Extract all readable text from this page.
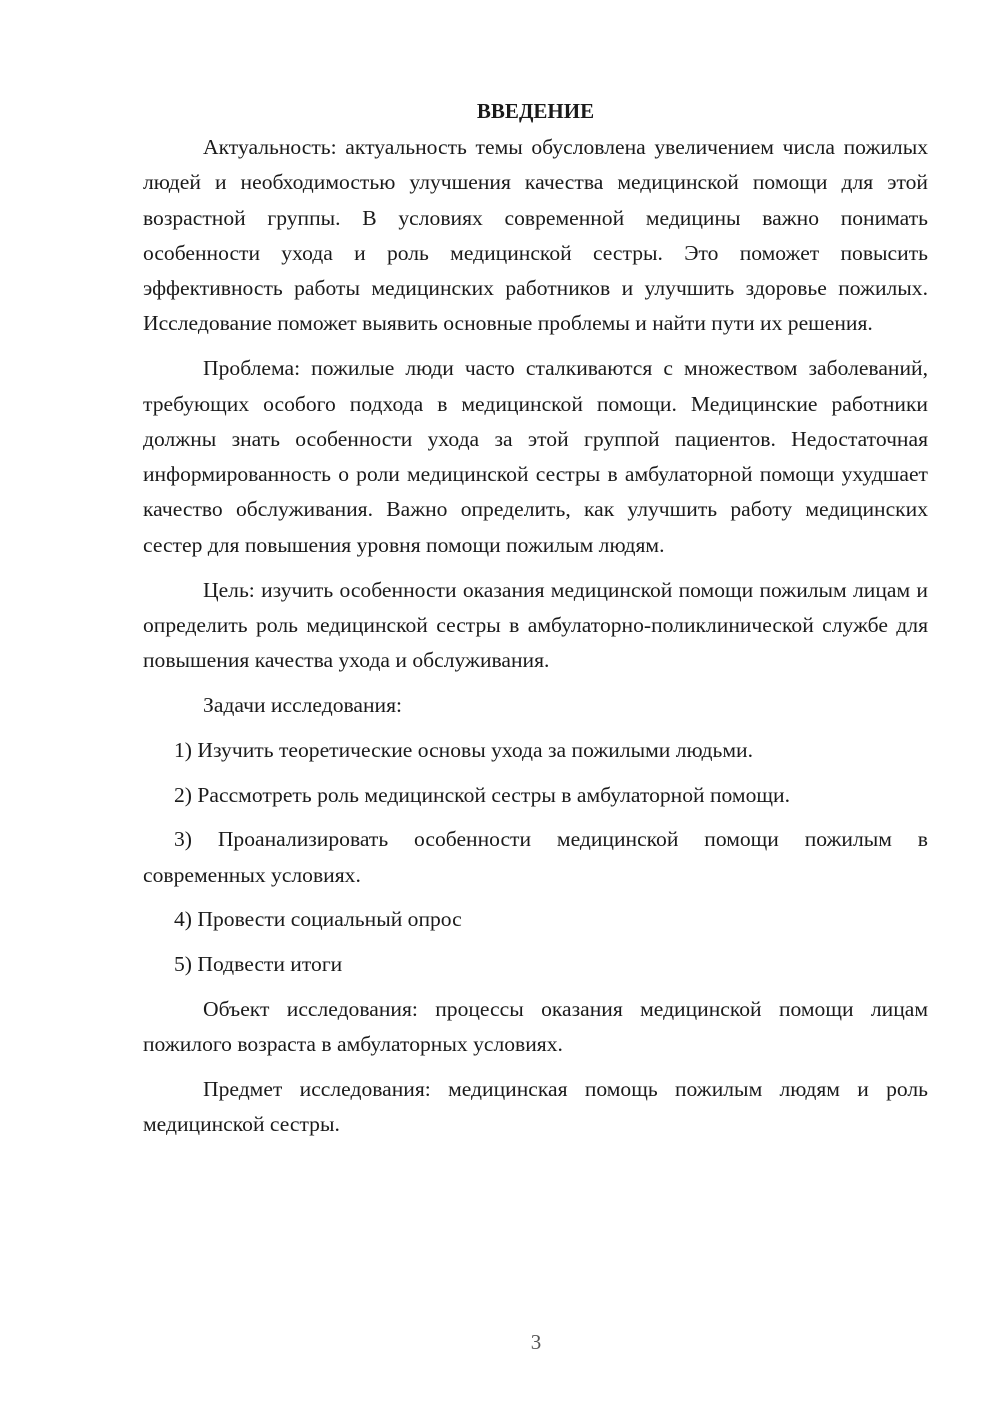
ВВЕДЕНИЕ

Актуальность: актуальность темы обусловлена увеличением числа пожилых людей и необходимостью улучшения качества медицинской помощи для этой возрастной группы. В условиях современной медицины важно понимать особенности ухода и роль медицинской сестры. Это поможет повысить эффективность работы медицинских работников и улучшить здоровье пожилых. Исследование поможет выявить основные проблемы и найти пути их решения.

Проблема: пожилые люди часто сталкиваются с множеством заболеваний, требующих особого подхода в медицинской помощи. Медицинские работники должны знать особенности ухода за этой группой пациентов. Недостаточная информированность о роли медицинской сестры в амбулаторной помощи ухудшает качество обслуживания. Важно определить, как улучшить работу медицинских сестер для повышения уровня помощи пожилым людям.

Цель: изучить особенности оказания медицинской помощи пожилым лицам и определить роль медицинской сестры в амбулаторно-поликлинической службе для повышения качества ухода и обслуживания.

Задачи исследования:

1) Изучить теоретические основы ухода за пожилыми людьми.

2) Рассмотреть роль медицинской сестры в амбулаторной помощи.

3) Проанализировать особенности медицинской помощи пожилым в современных условиях.

4) Провести социальный опрос

5) Подвести итоги

Объект исследования: процессы оказания медицинской помощи лицам пожилого возраста в амбулаторных условиях.

Предмет исследования: медицинская помощь пожилым людям и роль медицинской сестры.

3
